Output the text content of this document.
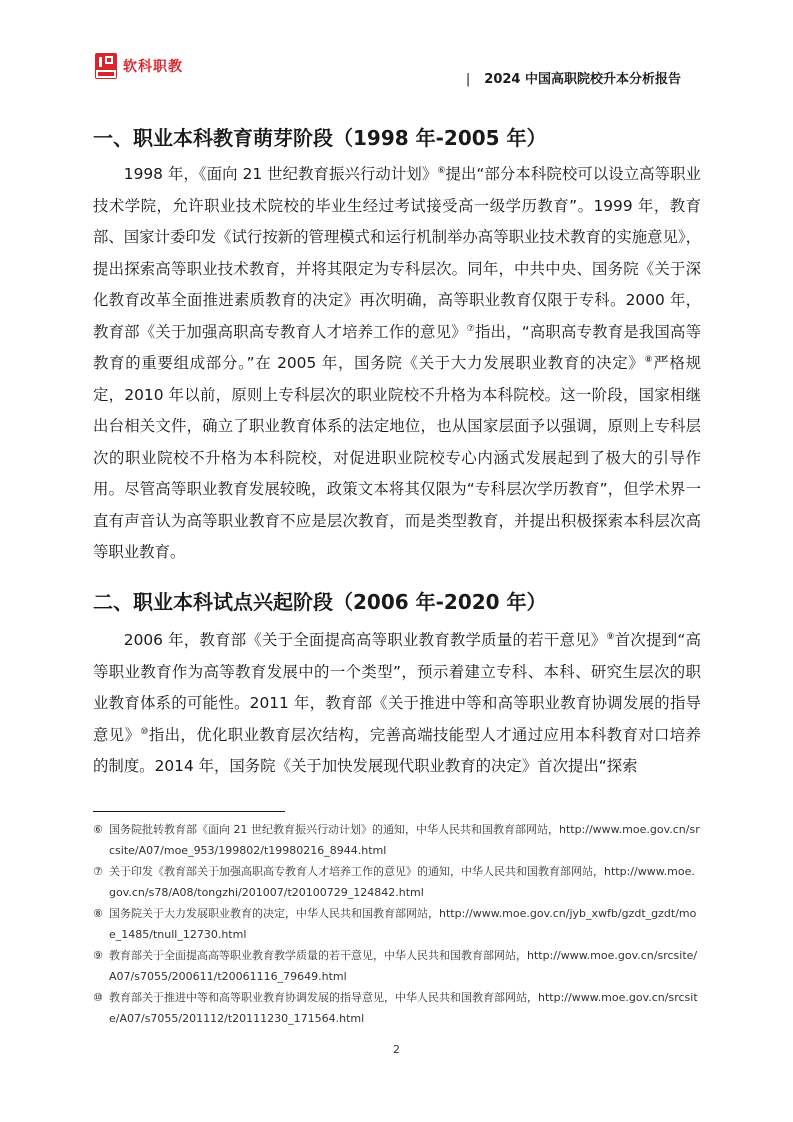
软科职教
| 2024 中国高职院校升本分析报告
一、职业本科教育萌芽阶段（1998 年-2005 年）

1998 年，《面向 21 世纪教育振兴行动计划》⑥提出“部分本科院校可以设立高等职业技术学院，允许职业技术院校的毕业生经过考试接受高一级学历教育”。1999 年，教育部、国家计委印发《试行按新的管理模式和运行机制举办高等职业技术教育的实施意见》，提出探索高等职业技术教育，并将其限定为专科层次。同年，中共中央、国务院《关于深化教育改革全面推进素质教育的决定》再次明确，高等职业教育仅限于专科。2000 年，教育部《关于加强高职高专教育人才培养工作的意见》⑦指出，“高职高专教育是我国高等教育的重要组成部分。”在 2005 年，国务院《关于大力发展职业教育的决定》⑧严格规定，2010 年以前，原则上专科层次的职业院校不升格为本科院校。这一阶段，国家相继出台相关文件，确立了职业教育体系的法定地位，也从国家层面予以强调，原则上专科层次的职业院校不升格为本科院校，对促进职业院校专心内涵式发展起到了极大的引导作用。尽管高等职业教育发展较晚，政策文本将其仅限为“专科层次学历教育”，但学术界一直有声音认为高等职业教育不应是层次教育，而是类型教育，并提出积极探索本科层次高等职业教育。

二、职业本科试点兴起阶段（2006 年-2020 年）

2006 年，教育部《关于全面提高高等职业教育教学质量的若干意见》⑨首次提到“高等职业教育作为高等教育发展中的一个类型”，预示着建立专科、本科、研究生层次的职业教育体系的可能性。2011 年，教育部《关于推进中等和高等职业教育协调发展的指导意见》⑩指出，优化职业教育层次结构，完善高端技能型人才通过应用本科教育对口培养的制度。2014 年，国务院《关于加快发展现代职业教育的决定》首次提出“探索

⑥ 国务院批转教育部《面向 21 世纪教育振兴行动计划》的通知，中华人民共和国教育部网站，http://www.moe.gov.cn/srcsite/A07/moe_953/199802/t19980216_8944.html
⑦ 关于印发《教育部关于加强高职高专教育人才培养工作的意见》的通知，中华人民共和国教育部网站，http://www.moe.gov.cn/s78/A08/tongzhi/201007/t20100729_124842.html
⑧ 国务院关于大力发展职业教育的决定，中华人民共和国教育部网站，http://www.moe.gov.cn/jyb_xwfb/gzdt_gzdt/moe_1485/tnull_12730.html
⑨ 教育部关于全面提高高等职业教育教学质量的若干意见，中华人民共和国教育部网站，http://www.moe.gov.cn/srcsite/A07/s7055/200611/t20061116_79649.html
⑩ 教育部关于推进中等和高等职业教育协调发展的指导意见，中华人民共和国教育部网站，http://www.moe.gov.cn/srcsite/A07/s7055/201112/t20111230_171564.html
2
